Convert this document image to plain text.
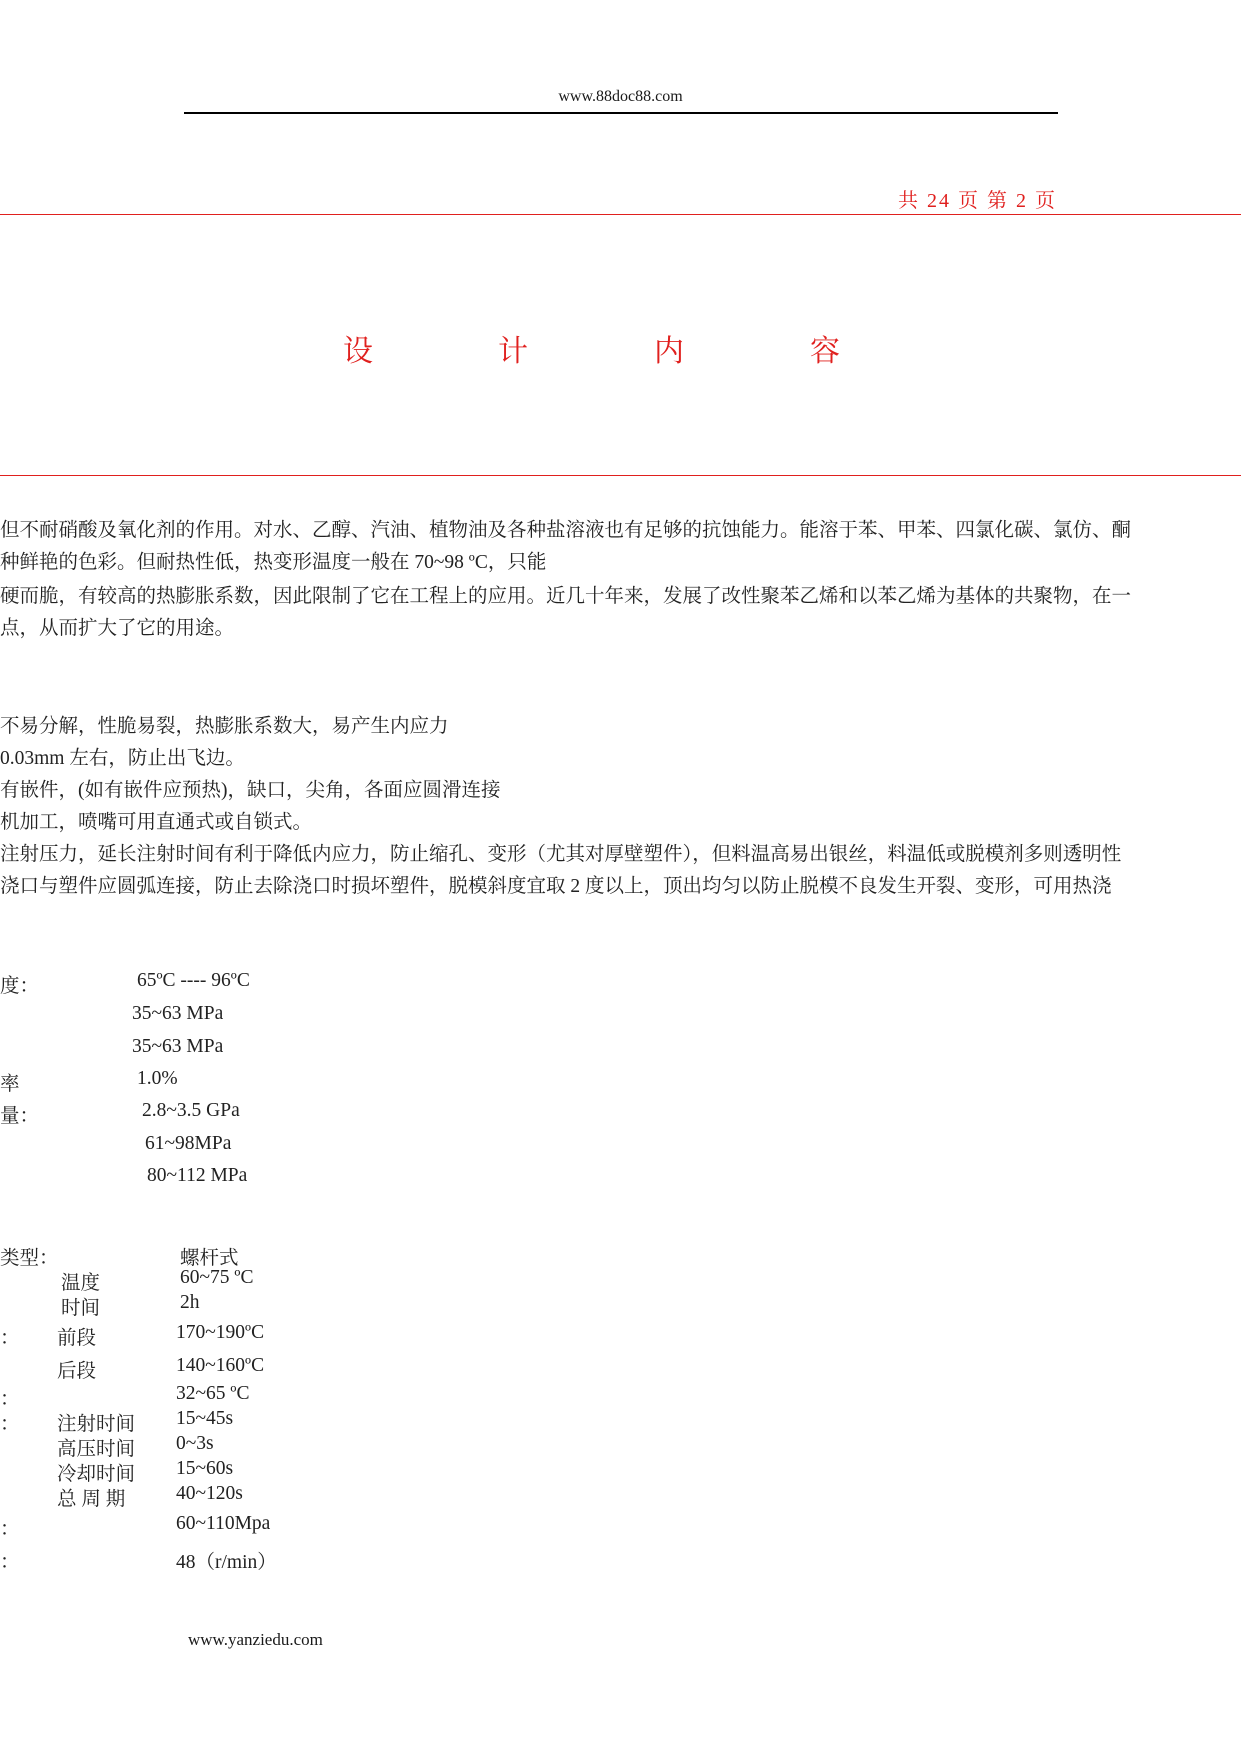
www.88doc88.com
共 24 页 第 2 页
设	计	内	容
但不耐硝酸及氧化剂的作用。对水、乙醇、汽油、植物油及各种盐溶液也有足够的抗蚀能力。能溶于苯、甲苯、四氯化碳、氯仿、酮
种鲜艳的色彩。但耐热性低，热变形温度一般在 70~98 ºC，只能
硬而脆，有较高的热膨胀系数，因此限制了它在工程上的应用。近几十年来，发展了改性聚苯乙烯和以苯乙烯为基体的共聚物，在一
点，从而扩大了它的用途。
不易分解，性脆易裂，热膨胀系数大，易产生内应力
0.03mm 左右，防止出飞边。
有嵌件，(如有嵌件应预热)，缺口，尖角，各面应圆滑连接
机加工，喷嘴可用直通式或自锁式。
注射压力，延长注射时间有利于降低内应力，防止缩孔、变形（尤其对厚壁塑件），但料温高易出银丝，料温低或脱模剂多则透明性
浇口与塑件应圆弧连接，防止去除浇口时损坏塑件，脱模斜度宜取 2 度以上，顶出均匀以防止脱模不良发生开裂、变形，可用热浇
度：	65ºC ---- 96ºC
35~63 MPa
35~63 MPa
率	1.0%
量：	2.8~3.5 GPa
61~98MPa
80~112 MPa
类型：	螺杆式
温度	60~75 ºC
时间	2h
： 前段	170~190ºC
后段	140~160ºC
：	32~65 ºC
： 注射时间 15~45s
高压时间 0~3s
冷却时间 15~60s
总 周 期	40~120s
：	60~110Mpa
：	48（r/min）
www.yanziedu.com
